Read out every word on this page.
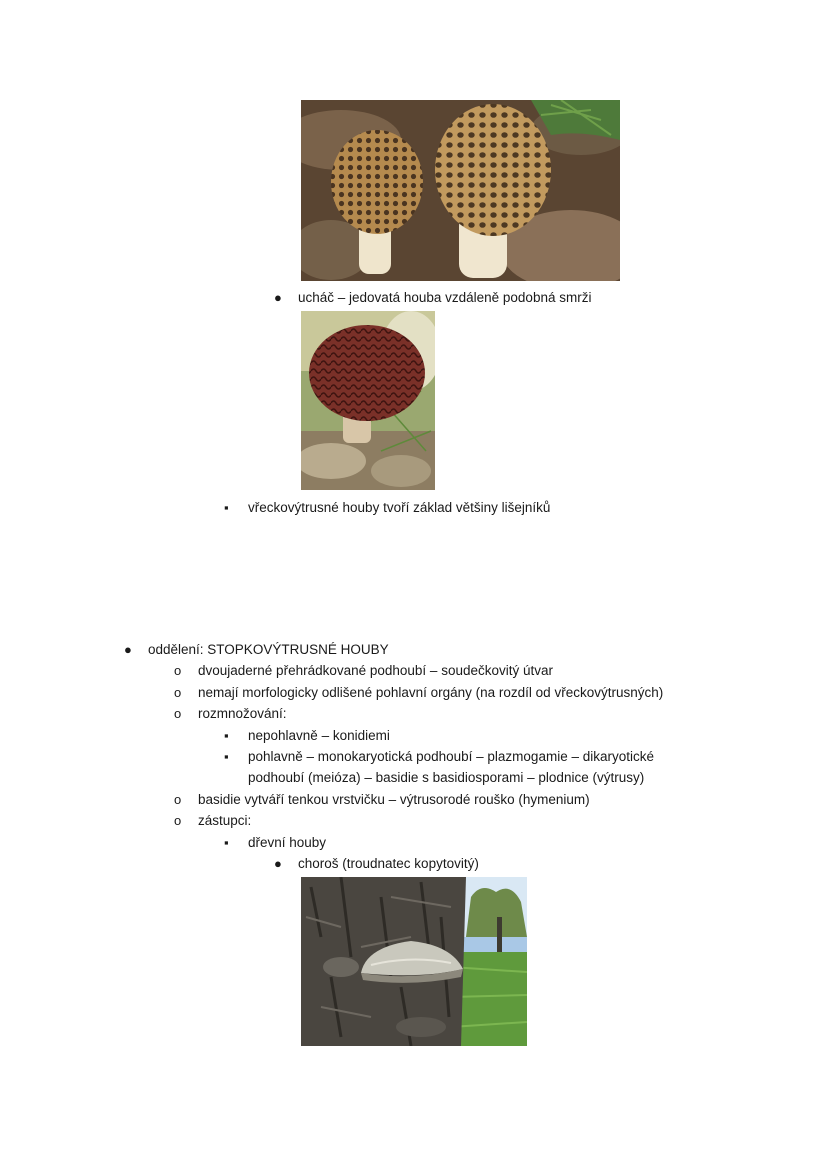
● ucháč – jedovatá houba vzdáleně podobná smrži
▪ vřeckovýtrusné houby tvoří základ většiny lišejníků
● oddělení: STOPKOVÝTRUSNÉ HOUBY
o dvoujaderné přehrádkované podhoubí – soudečkovitý útvar
o nemají morfologicky odlišené pohlavní orgány (na rozdíl od vřeckovýtrusných)
o rozmnožování:
▪ nepohlavně – konidiemi
▪ pohlavně – monokaryotická podhoubí – plazmogamie – dikaryotické
podhoubí (meióza) – basidie s basidiosporami – plodnice (výtrusy)
o basidie vytváří tenkou vrstvičku – výtrusorodé rouško (hymenium)
o zástupci:
▪ dřevní houby
● choroš (troudnatec kopytovitý)
